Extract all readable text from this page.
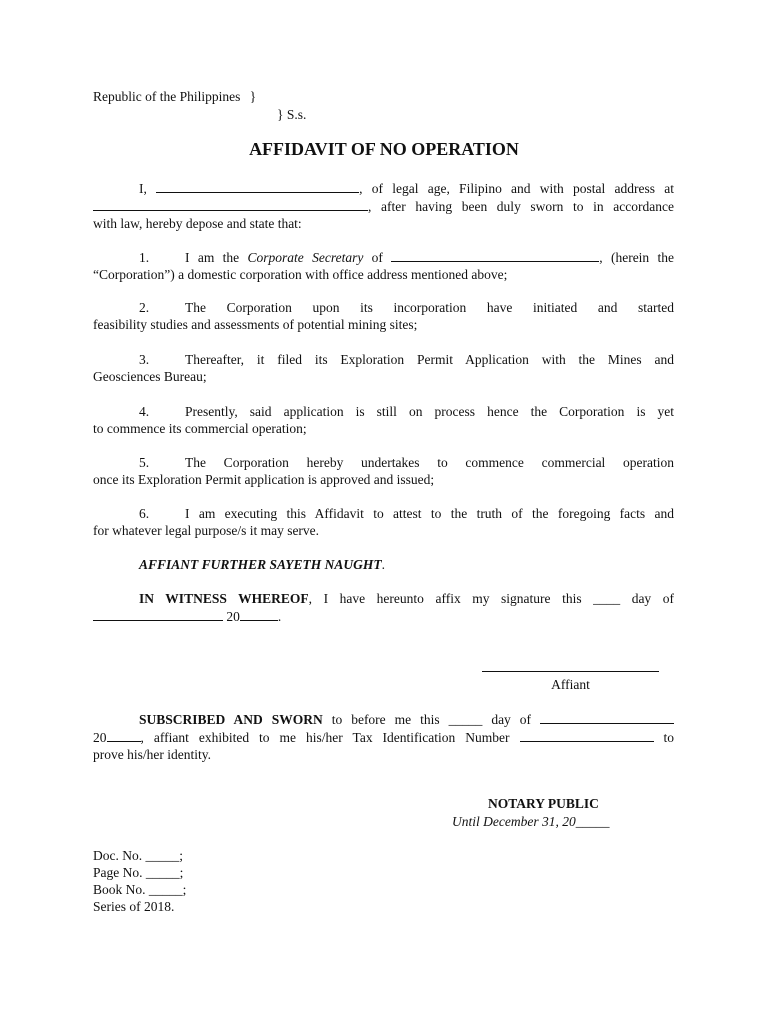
Republic of the Philippines }
} S.s.
AFFIDAVIT OF NO OPERATION
I,	, of legal age, Filipino and with postal address at
, after having been duly sworn to in accordance
with law, hereby depose and state that:
1.	I am the Corporate Secretary of	, (herein the
“Corporation”) a domestic corporation with office address mentioned above;
2.	The Corporation upon its incorporation have initiated and started
feasibility studies and assessments of potential mining sites;
3.	Thereafter, it filed its Exploration Permit Application with the Mines and
Geosciences Bureau;
4.	Presently, said application is still on process hence the Corporation is yet
to commence its commercial operation;
5.	The Corporation hereby undertakes to commence commercial operation
once its Exploration Permit application is approved and issued;
6.	I am executing this Affidavit to attest to the truth of the foregoing facts and
for whatever legal purpose/s it may serve.
AFFIANT FURTHER SAYETH NAUGHT.
IN WITNESS WHEREOF, I have hereunto affix my signature this ____ day of
20	.
Affiant
SUBSCRIBED AND SWORN to before me this _____ day of
20	, affiant exhibited to me his/her Tax Identification Number	to
prove his/her identity.
NOTARY PUBLIC
Until December 31, 20_____
Doc. No. _____;
Page No. _____;
Book No. _____;
Series of 2018.
